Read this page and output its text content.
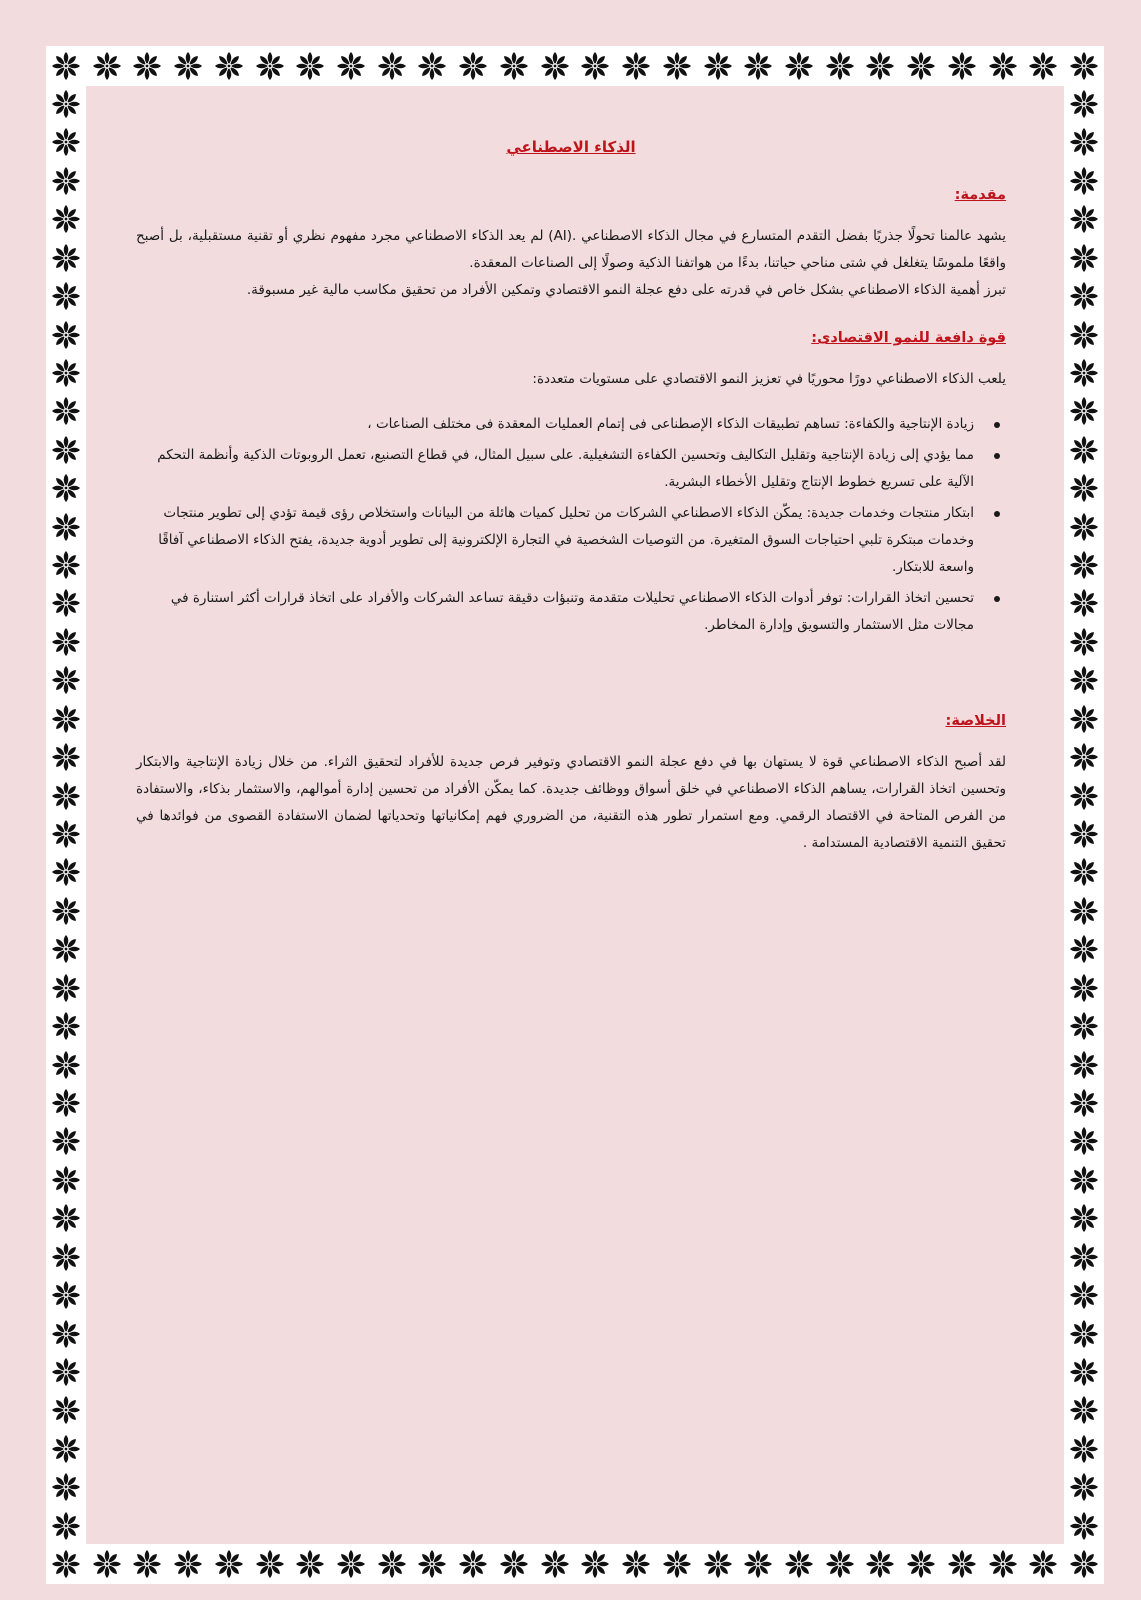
الذكاء الاصطناعي
مقدمة:

يشهد عالمنا تحولًا جذريًا بفضل التقدم المتسارع في مجال الذكاء الاصطناعي .(AI) لم يعد الذكاء الاصطناعي مجرد مفهوم نظري أو تقنية مستقبلية، بل أصبح واقعًا ملموسًا يتغلغل في شتى مناحي حياتنا، بدءًا من هواتفنا الذكية وصولًا إلى الصناعات المعقدة.

تبرز أهمية الذكاء الاصطناعي بشكل خاص في قدرته على دفع عجلة النمو الاقتصادي وتمكين الأفراد من تحقيق مكاسب مالية غير مسبوقة.

قوة دافعة للنمو الاقتصادى:

يلعب الذكاء الاصطناعي دورًا محوريًا في تعزيز النمو الاقتصادي على مستويات متعددة:

زيادة الإنتاجية والكفاءة: تساهم تطبيقات الذكاء الإصطناعى فى إتمام العمليات المعقدة فى مختلف الصناعات ،
مما يؤدي إلى زيادة الإنتاجية وتقليل التكاليف وتحسين الكفاءة التشغيلية. على سبيل المثال، في قطاع التصنيع، تعمل الروبوتات الذكية وأنظمة التحكم الآلية على تسريع خطوط الإنتاج وتقليل الأخطاء البشرية.
ابتكار منتجات وخدمات جديدة: يمكّن الذكاء الاصطناعي الشركات من تحليل كميات هائلة من البيانات واستخلاص رؤى قيمة تؤدي إلى تطوير منتجات وخدمات مبتكرة تلبي احتياجات السوق المتغيرة. من التوصيات الشخصية في التجارة الإلكترونية إلى تطوير أدوية جديدة، يفتح الذكاء الاصطناعي آفاقًا واسعة للابتكار.
تحسين اتخاذ القرارات: توفر أدوات الذكاء الاصطناعي تحليلات متقدمة وتنبؤات دقيقة تساعد الشركات والأفراد على اتخاذ قرارات أكثر استنارة في مجالات مثل الاستثمار والتسويق وإدارة المخاطر.
الخلاصة:

لقد أصبح الذكاء الاصطناعي قوة لا يستهان بها في دفع عجلة النمو الاقتصادي وتوفير فرص جديدة للأفراد لتحقيق الثراء. من خلال زيادة الإنتاجية والابتكار وتحسين اتخاذ القرارات، يساهم الذكاء الاصطناعي في خلق أسواق ووظائف جديدة. كما يمكّن الأفراد من تحسين إدارة أموالهم، والاستثمار بذكاء، والاستفادة من الفرص المتاحة في الاقتصاد الرقمي. ومع استمرار تطور هذه التقنية، من الضروري فهم إمكانياتها وتحدياتها لضمان الاستفادة القصوى من فوائدها في تحقيق التنمية الاقتصادية المستدامة .
